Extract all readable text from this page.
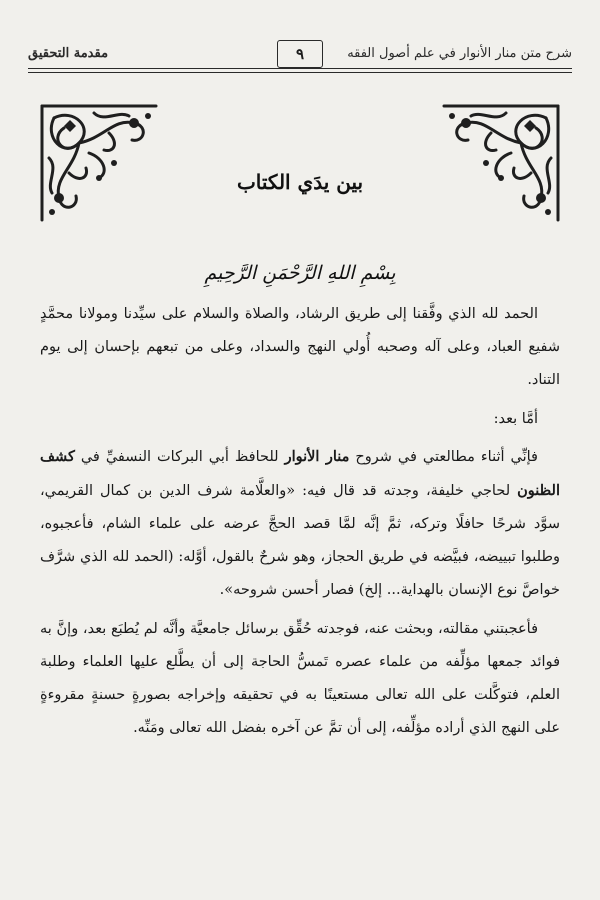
شرح متن منار الأنوار في علم أصول الفقه
مقدمة التحقيق	٩
بين يدَي الكتاب
بِسْمِ اللهِ الرَّحْمَنِ الرَّحِيمِ

الحمد لله الذي وفَّقنا إلى طريق الرشاد، والصلاة والسلام على سيِّدنا ومولانا محمَّدٍ شفيع العباد، وعلى آله وصحبه أُولي النهج والسداد، وعلى من تبعهم بإحسان إلى يوم التناد.

أمَّا بعد:

فإنِّي أثناء مطالعتي في شروح منار الأنوار للحافظ أبي البركات النسفيِّ في كشف الظنون لحاجي خليفة، وجدته قد قال فيه: «والعلَّامة شرف الدين بن كمال القريمي، سوَّد شرحًا حافلًا وتركه، ثمَّ إنَّه لمَّا قصد الحجَّ عرضه على علماء الشام، فأعجبوه، وطلبوا تبييضه، فبيَّضه في طريق الحجاز، وهو شرحٌ بالقول، أوَّله: (الحمد لله الذي شرَّف خواصَّ نوع الإنسان بالهداية... إلخ) فصار أحسن شروحه».

فأعجبتني مقالته، وبحثت عنه، فوجدته حُقِّق برسائل جامعيَّة وأنَّه لم يُطبَع بعد، وإنَّ به فوائد جمعها مؤلِّفه من علماء عصره تَمسُّ الحاجة إلى أن يطَّلع عليها العلماء وطلبة العلم، فتوكَّلت على الله تعالى مستعينًا به في تحقيقه وإخراجه بصورةٍ حسنةٍ مقروءةٍ على النهج الذي أراده مؤلِّفه، إلى أن تمَّ عن آخره بفضل الله تعالى ومَنِّه.
